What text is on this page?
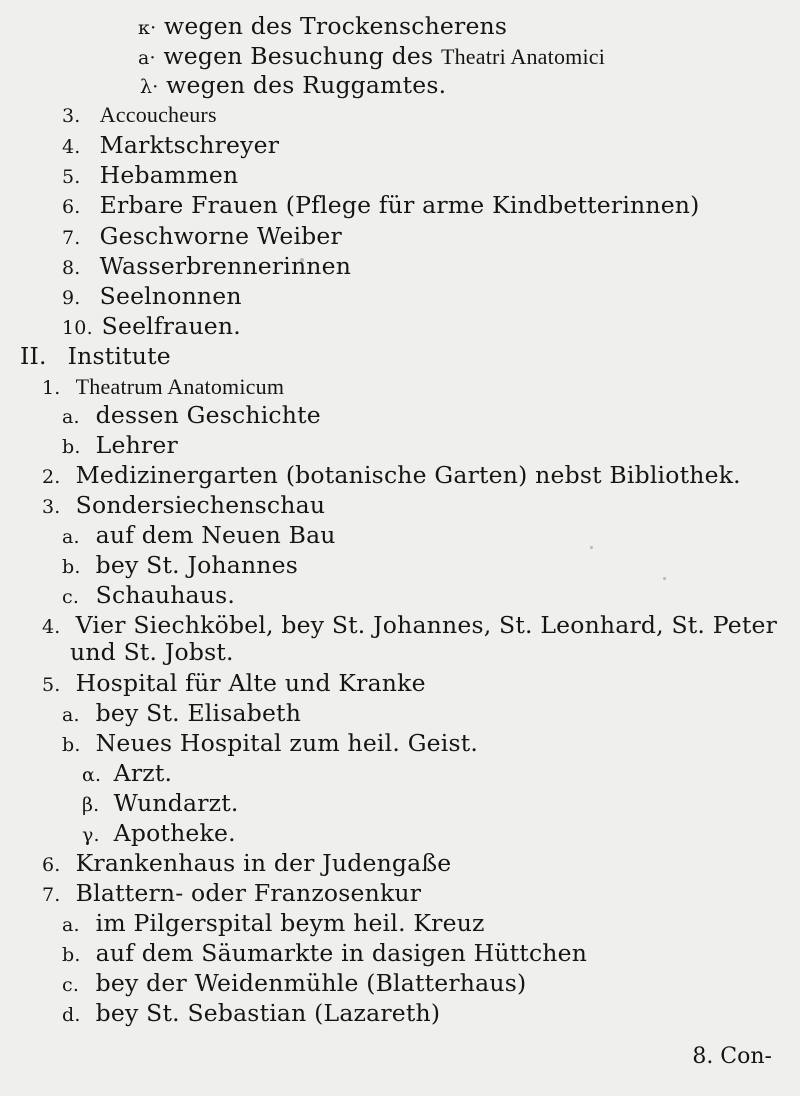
κ· wegen des Trockenscherens
a· wegen Besuchung des Theatri Anatomici
λ· wegen des Ruggamtes.
3. Accoucheurs
4. Marktschreyer
5. Hebammen
6. Erbare Frauen (Pflege für arme Kindbetterinnen)
7. Geschworne Weiber
8. Wasserbrennerinnen
9. Seelnonnen
10. Seelfrauen.
II. Institute
1. Theatrum Anatomicum
a. dessen Geschichte
b. Lehrer
2. Medizinergarten (botanische Garten) nebst Bibliothek.
3. Sondersiechenschau
a. auf dem Neuen Bau
b. bey St. Johannes
c. Schauhaus.
4. Vier Siechköbel, bey St. Johannes, St. Leonhard, St. Peter
und St. Jobst.
5. Hospital für Alte und Kranke
a. bey St. Elisabeth
b. Neues Hospital zum heil. Geist.
α. Arzt.
β. Wundarzt.
γ. Apotheke.
6. Krankenhaus in der Judengaße
7. Blattern- oder Franzosenkur
a. im Pilgerspital beym heil. Kreuz
b. auf dem Säumarkte in dasigen Hüttchen
c. bey der Weidenmühle (Blatterhaus)
d. bey St. Sebastian (Lazareth)
8. Con-
